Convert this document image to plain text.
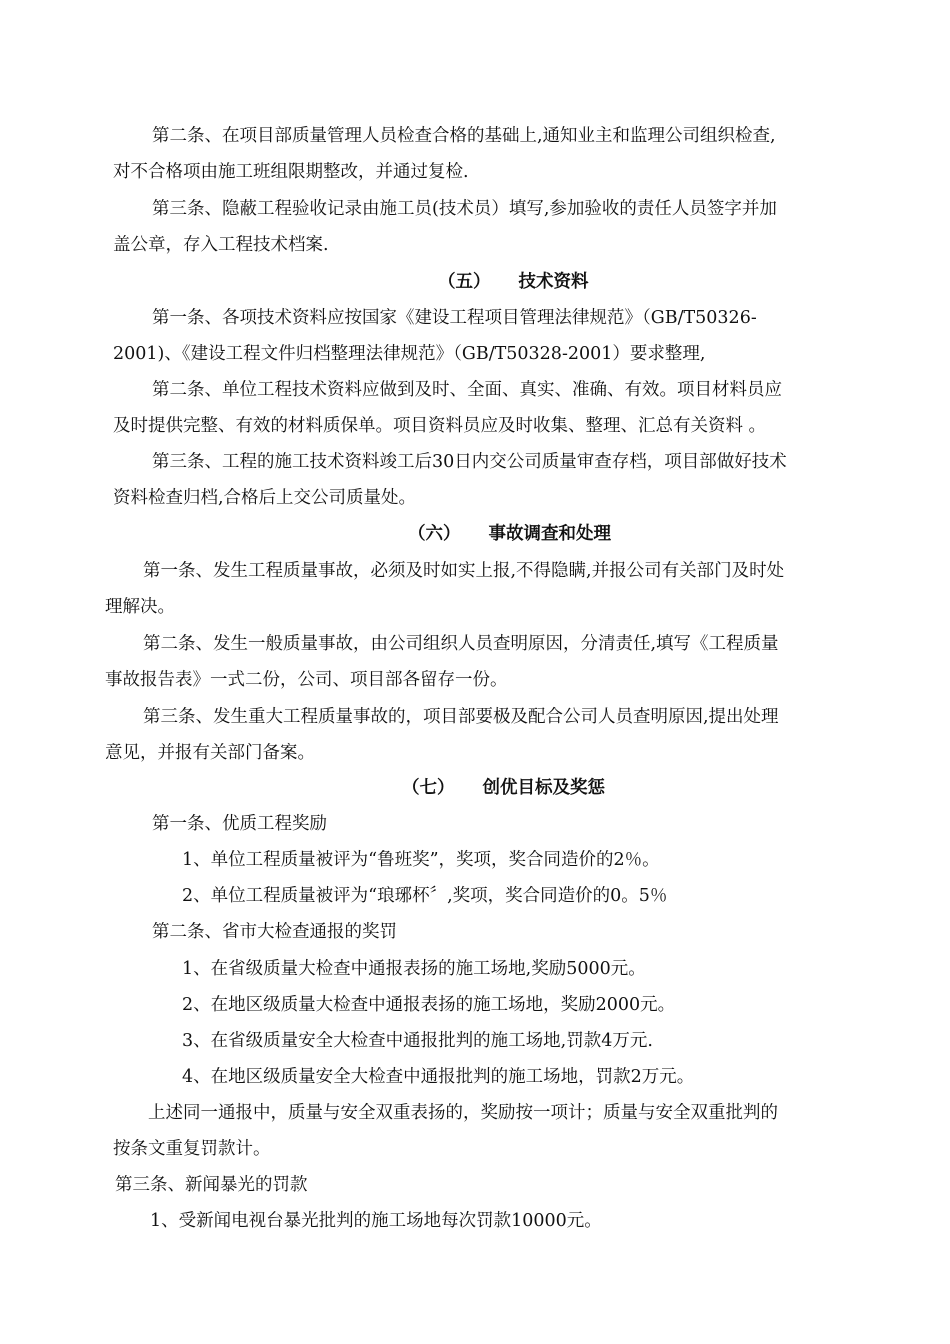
第二条、在项目部质量管理人员检查合格的基础上,通知业主和监理公司组织检查,
对不合格项由施工班组限期整改，并通过复检.
第三条、隐蔽工程验收记录由施工员(技术员）填写,参加验收的责任人员签字并加
盖公章，存入工程技术档案.
（五） 技术资料
第一条、各项技术资料应按国家《建设工程项目管理法律规范》（GB/T50326-
2001)、《建设工程文件归档整理法律规范》（GB/T50328-2001）要求整理,
第二条、单位工程技术资料应做到及时、全面、真实、准确、有效。项目材料员应
及时提供完整、有效的材料质保单。项目资料员应及时收集、整理、汇总有关资料 。
第三条、工程的施工技术资料竣工后30日内交公司质量审查存档，项目部做好技术
资料检查归档,合格后上交公司质量处。
（六） 事故调查和处理
第一条、发生工程质量事故，必须及时如实上报,不得隐瞒,并报公司有关部门及时处
理解决。
第二条、发生一般质量事故，由公司组织人员查明原因，分清责任,填写《工程质量
事故报告表》一式二份，公司、项目部各留存一份。
第三条、发生重大工程质量事故的，项目部要极及配合公司人员查明原因,提出处理
意见，并报有关部门备案。
（七） 创优目标及奖惩
第一条、优质工程奖励
1、单位工程质量被评为“鲁班奖”，奖项，奖合同造价的2％。
2、单位工程质量被评为“琅琊杯〞,奖项，奖合同造价的0。5％
第二条、省市大检查通报的奖罚
1、在省级质量大检查中通报表扬的施工场地,奖励5000元。
2、在地区级质量大检查中通报表扬的施工场地，奖励2000元。
3、在省级质量安全大检查中通报批判的施工场地,罚款4万元.
4、在地区级质量安全大检查中通报批判的施工场地，罚款2万元。
上述同一通报中，质量与安全双重表扬的，奖励按一项计；质量与安全双重批判的
按条文重复罚款计。
第三条、新闻暴光的罚款
1、受新闻电视台暴光批判的施工场地每次罚款10000元。
